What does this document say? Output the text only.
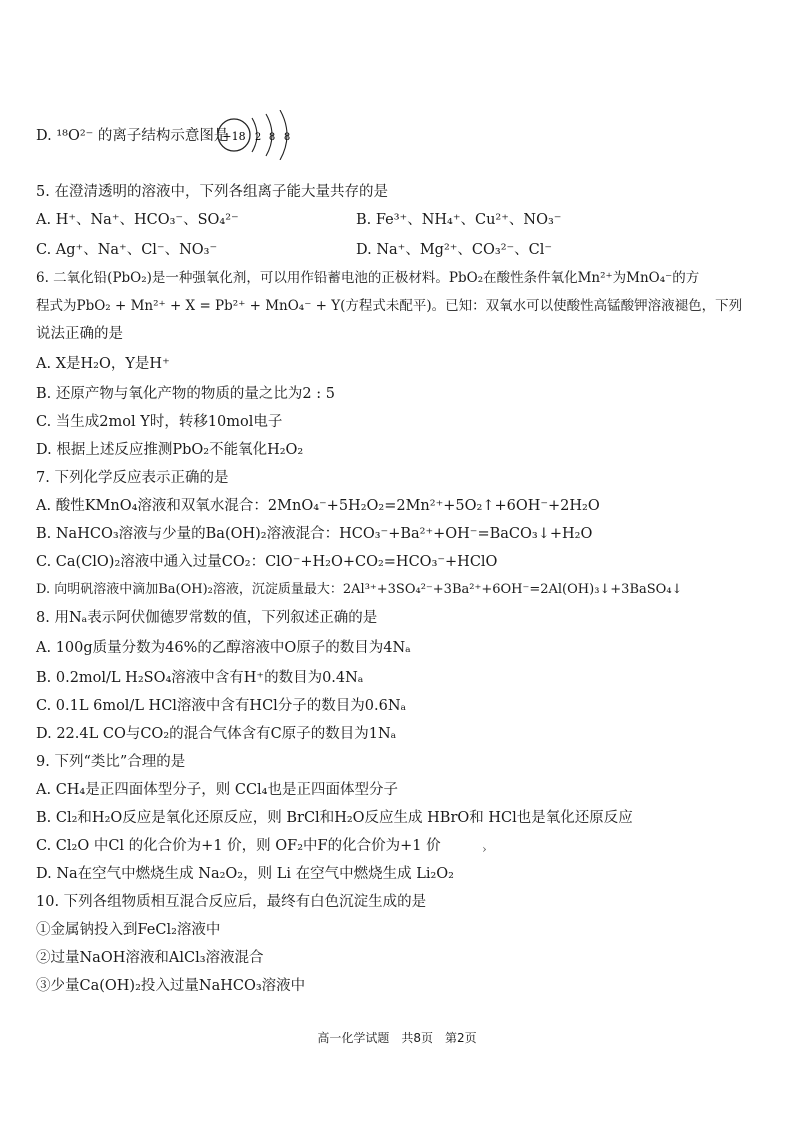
D. ¹⁸O²⁻ 的离子结构示意图是
+18 2 8 8
5. 在澄清透明的溶液中，下列各组离子能大量共存的是
A. H⁺、Na⁺、HCO₃⁻、SO₄²⁻	B. Fe³⁺、NH₄⁺、Cu²⁺、NO₃⁻
C. Ag⁺、Na⁺、Cl⁻、NO₃⁻	D. Na⁺、Mg²⁺、CO₃²⁻、Cl⁻
6. 二氧化铅(PbO₂)是一种强氧化剂，可以用作铅蓄电池的正极材料。PbO₂在酸性条件氧化Mn²⁺为MnO₄⁻的方
程式为PbO₂ + Mn²⁺ + X = Pb²⁺ + MnO₄⁻ + Y(方程式未配平)。已知：双氧水可以使酸性高锰酸钾溶液褪色，下列
说法正确的是
A. X是H₂O，Y是H⁺
B. 还原产物与氧化产物的物质的量之比为2 : 5
C. 当生成2mol Y时，转移10mol电子
D. 根据上述反应推测PbO₂不能氧化H₂O₂
7. 下列化学反应表示正确的是
A. 酸性KMnO₄溶液和双氧水混合：2MnO₄⁻+5H₂O₂=2Mn²⁺+5O₂↑+6OH⁻+2H₂O
B. NaHCO₃溶液与少量的Ba(OH)₂溶液混合：HCO₃⁻+Ba²⁺+OH⁻=BaCO₃↓+H₂O
C. Ca(ClO)₂溶液中通入过量CO₂：ClO⁻+H₂O+CO₂=HCO₃⁻+HClO
D. 向明矾溶液中滴加Ba(OH)₂溶液，沉淀质量最大：2Al³⁺+3SO₄²⁻+3Ba²⁺+6OH⁻=2Al(OH)₃↓+3BaSO₄↓
8. 用Nₐ表示阿伏伽德罗常数的值，下列叙述正确的是
A. 100g质量分数为46%的乙醇溶液中O原子的数目为4Nₐ
B. 0.2mol/L H₂SO₄溶液中含有H⁺的数目为0.4Nₐ
C. 0.1L 6mol/L HCl溶液中含有HCl分子的数目为0.6Nₐ
D. 22.4L CO与CO₂的混合气体含有C原子的数目为1Nₐ
9. 下列“类比”合理的是
A. CH₄是正四面体型分子，则 CCl₄也是正四面体型分子
B. Cl₂和H₂O反应是氧化还原反应，则 BrCl和H₂O反应生成 HBrO和 HCl也是氧化还原反应
C. Cl₂O 中Cl 的化合价为+1 价，则 OF₂中F的化合价为+1 价	›
D. Na在空气中燃烧生成 Na₂O₂，则 Li 在空气中燃烧生成 Li₂O₂
10. 下列各组物质相互混合反应后，最终有白色沉淀生成的是
①金属钠投入到FeCl₂溶液中
②过量NaOH溶液和AlCl₃溶液混合
③少量Ca(OH)₂投入过量NaHCO₃溶液中
高一化学试题　共8页　第2页
